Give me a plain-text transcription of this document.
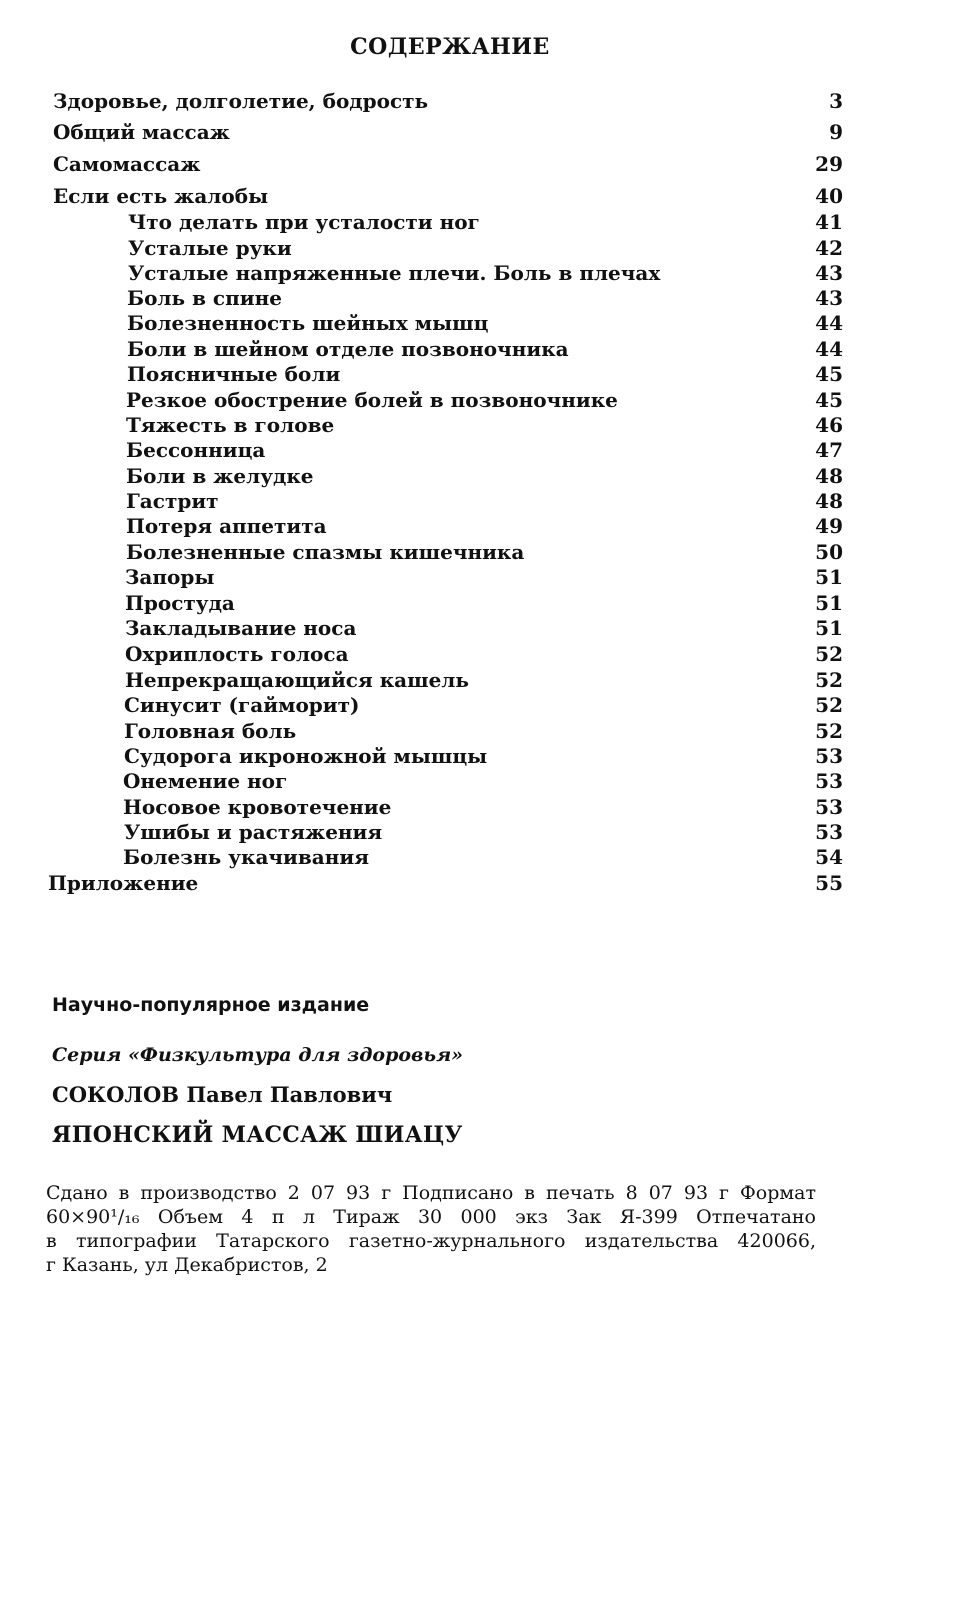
СОДЕРЖАНИЕ
Здоровье, долголетие, бодрость	3
Общий массаж	9
Самомассаж	29
Если есть жалобы	40
Что делать при усталости ног	41
Усталые руки	42
Усталые напряженные плечи. Боль в плечах	43
Боль в спине	43
Болезненность шейных мышц	44
Боли в шейном отделе позвоночника	44
Поясничные боли	45
Резкое обострение болей в позвоночнике	45
Тяжесть в голове	46
Бессонница	47
Боли в желудке	48
Гастрит	48
Потеря аппетита	49
Болезненные спазмы кишечника	50
Запоры	51
Простуда	51
Закладывание носа	51
Охриплость голоса	52
Непрекращающийся кашель	52
Синусит (гайморит)	52
Головная боль	52
Судорога икроножной мышцы	53
Онемение ног	53
Носовое кровотечение	53
Ушибы и растяжения	53
Болезнь укачивания	54
Приложение	55
Научно-популярное издание
Серия «Физкультура для здоровья»
СОКОЛОВ Павел Павлович
ЯПОНСКИЙ МАССАЖ ШИАЦУ
Сдано в производство 2 07 93 г Подписано в печать 8 07 93 г Формат
60×90¹/₁₆ Объем 4 п л Тираж 30 000 экз Зак Я-399 Отпечатано
в типографии Татарского газетно-журнального издательства 420066,
г Казань, ул Декабристов, 2
